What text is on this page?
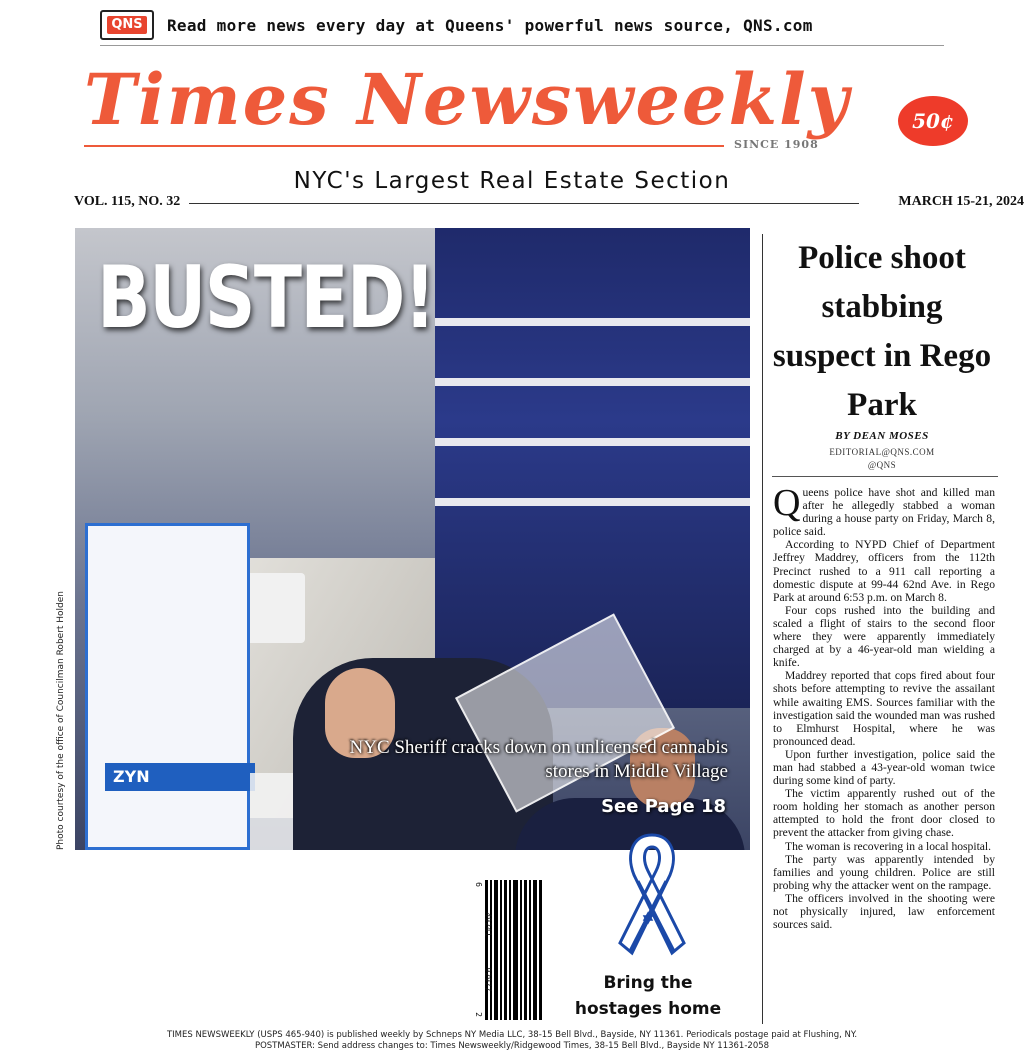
QNS Read more news every day at Queens' powerful news source, QNS.com
Times Newsweekly
SINCE 1908
50¢
NYC's Largest Real Estate Section
VOL. 115, NO. 32	MARCH 15-21, 2024
ZYN
BUSTED!
NYC Sheriff cracks down on unlicensed cannabis stores in Middle Village
See Page 18
Photo courtesy of the office of Councilman Robert Holden
6
49241
92977
2
Bring the
hostages home
Police shoot stabbing suspect in Rego Park
BY DEAN MOSES
EDITORIAL@QNS.COM
@QNS

Queens police have shot and killed man after he allegedly stabbed a woman during a house party on Friday, March 8, police said.

According to NYPD Chief of Department Jeffrey Maddrey, officers from the 112th Precinct rushed to a 911 call reporting a domestic dispute at 99-44 62nd Ave. in Rego Park at around 6:53 p.m. on March 8.

Four cops rushed into the building and scaled a flight of stairs to the second floor where they were apparently immediately charged at by a 46-year-old man wielding a knife.

Maddrey reported that cops fired about four shots before attempting to revive the assailant while awaiting EMS. Sources familiar with the investigation said the wounded man was rushed to Elmhurst Hospital, where he was pronounced dead.

Upon further investigation, police said the man had stabbed a 43-year-old woman twice during some kind of party.

The victim apparently rushed out of the room holding her stomach as another person attempted to hold the front door closed to prevent the attacker from giving chase.

The woman is recovering in a local hospital.

The party was apparently intended by families and young children. Police are still probing why the attacker went on the rampage.

The officers involved in the shooting were not physically injured, law enforcement sources said.

TIMES NEWSWEEKLY (USPS 465-940) is published weekly by Schneps NY Media LLC, 38-15 Bell Blvd., Bayside, NY 11361. Periodicals postage paid at Flushing, NY.
POSTMASTER: Send address changes to: Times Newsweekly/Ridgewood Times, 38-15 Bell Blvd., Bayside NY 11361-2058
